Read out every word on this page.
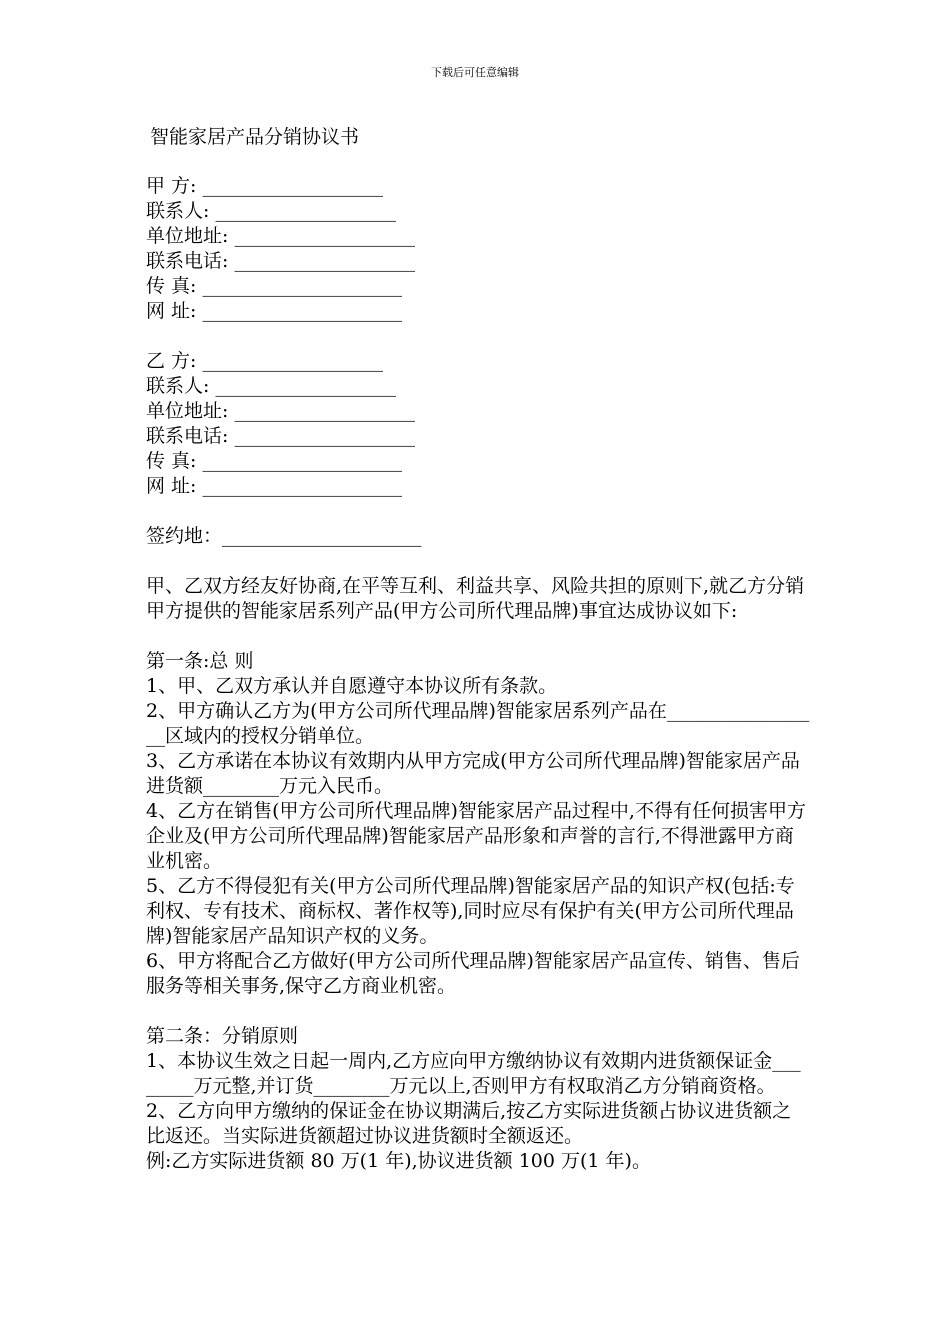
下载后可任意编辑
智能家居产品分销协议书
甲 方: ___________________
联系人: ___________________
单位地址: ___________________
联系电话: ___________________
传 真: _____________________
网 址: _____________________
乙 方: ___________________
联系人: ___________________
单位地址: ___________________
联系电话: ___________________
传 真: _____________________
网 址: _____________________
签约地：_____________________

甲、乙双方经友好协商,在平等互利、利益共享、风险共担的原则下,就乙方分销甲方提供的智能家居系列产品(甲方公司所代理品牌)事宜达成协议如下:

第一条:总 则

1、甲、乙双方承认并自愿遵守本协议所有条款。

2、甲方确认乙方为(甲方公司所代理品牌)智能家居系列产品在_________________区域内的授权分销单位。

3、乙方承诺在本协议有效期内从甲方完成(甲方公司所代理品牌)智能家居产品进货额________万元入民币。

4、乙方在销售(甲方公司所代理品牌)智能家居产品过程中,不得有任何损害甲方企业及(甲方公司所代理品牌)智能家居产品形象和声誉的言行,不得泄露甲方商业机密。

5、乙方不得侵犯有关(甲方公司所代理品牌)智能家居产品的知识产权(包括:专利权、专有技术、商标权、著作权等),同时应尽有保护有关(甲方公司所代理品牌)智能家居产品知识产权的义务。

6、甲方将配合乙方做好(甲方公司所代理品牌)智能家居产品宣传、销售、售后服务等相关事务,保守乙方商业机密。

第二条：分销原则

1、本协议生效之日起一周内,乙方应向甲方缴纳协议有效期内进货额保证金________万元整,并订货________万元以上,否则甲方有权取消乙方分销商资格。

2、乙方向甲方缴纳的保证金在协议期满后,按乙方实际进货额占协议进货额之比返还。当实际进货额超过协议进货额时全额返还。

例:乙方实际进货额 80 万(1 年),协议进货额 100 万(1 年)。
